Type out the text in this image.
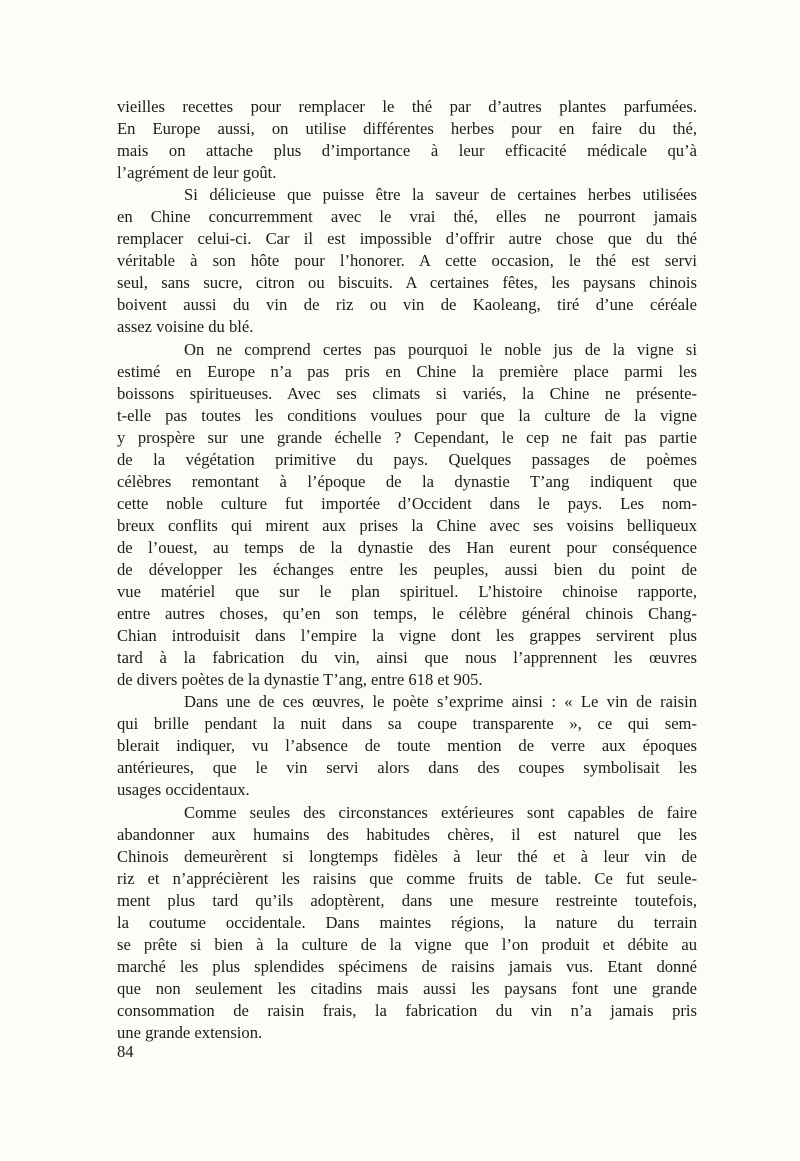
vieilles recettes pour remplacer le thé par d’autres plantes parfumées.
En Europe aussi, on utilise différentes herbes pour en faire du thé,
mais on attache plus d’importance à leur efficacité médicale qu’à
l’agrément de leur goût.
Si délicieuse que puisse être la saveur de certaines herbes utilisées
en Chine concurremment avec le vrai thé, elles ne pourront jamais
remplacer celui-ci. Car il est impossible d’offrir autre chose que du thé
véritable à son hôte pour l’honorer. A cette occasion, le thé est servi
seul, sans sucre, citron ou biscuits. A certaines fêtes, les paysans chinois
boivent aussi du vin de riz ou vin de Kaoleang, tiré d’une céréale
assez voisine du blé.
On ne comprend certes pas pourquoi le noble jus de la vigne si
estimé en Europe n’a pas pris en Chine la première place parmi les
boissons spiritueuses. Avec ses climats si variés, la Chine ne présente-
t-elle pas toutes les conditions voulues pour que la culture de la vigne
y prospère sur une grande échelle ? Cependant, le cep ne fait pas partie
de la végétation primitive du pays. Quelques passages de poèmes
célèbres remontant à l’époque de la dynastie T’ang indiquent que
cette noble culture fut importée d’Occident dans le pays. Les nom-
breux conflits qui mirent aux prises la Chine avec ses voisins belliqueux
de l’ouest, au temps de la dynastie des Han eurent pour conséquence
de développer les échanges entre les peuples, aussi bien du point de
vue matériel que sur le plan spirituel. L’histoire chinoise rapporte,
entre autres choses, qu’en son temps, le célèbre général chinois Chang-
Chian introduisit dans l’empire la vigne dont les grappes servirent plus
tard à la fabrication du vin, ainsi que nous l’apprennent les œuvres
de divers poètes de la dynastie T’ang, entre 618 et 905.
Dans une de ces œuvres, le poète s’exprime ainsi : « Le vin de raisin
qui brille pendant la nuit dans sa coupe transparente », ce qui sem-
blerait indiquer, vu l’absence de toute mention de verre aux époques
antérieures, que le vin servi alors dans des coupes symbolisait les
usages occidentaux.
Comme seules des circonstances extérieures sont capables de faire
abandonner aux humains des habitudes chères, il est naturel que les
Chinois demeurèrent si longtemps fidèles à leur thé et à leur vin de
riz et n’apprécièrent les raisins que comme fruits de table. Ce fut seule-
ment plus tard qu’ils adoptèrent, dans une mesure restreinte toutefois,
la coutume occidentale. Dans maintes régions, la nature du terrain
se prête si bien à la culture de la vigne que l’on produit et débite au
marché les plus splendides spécimens de raisins jamais vus. Etant donné
que non seulement les citadins mais aussi les paysans font une grande
consommation de raisin frais, la fabrication du vin n’a jamais pris
une grande extension.
84
